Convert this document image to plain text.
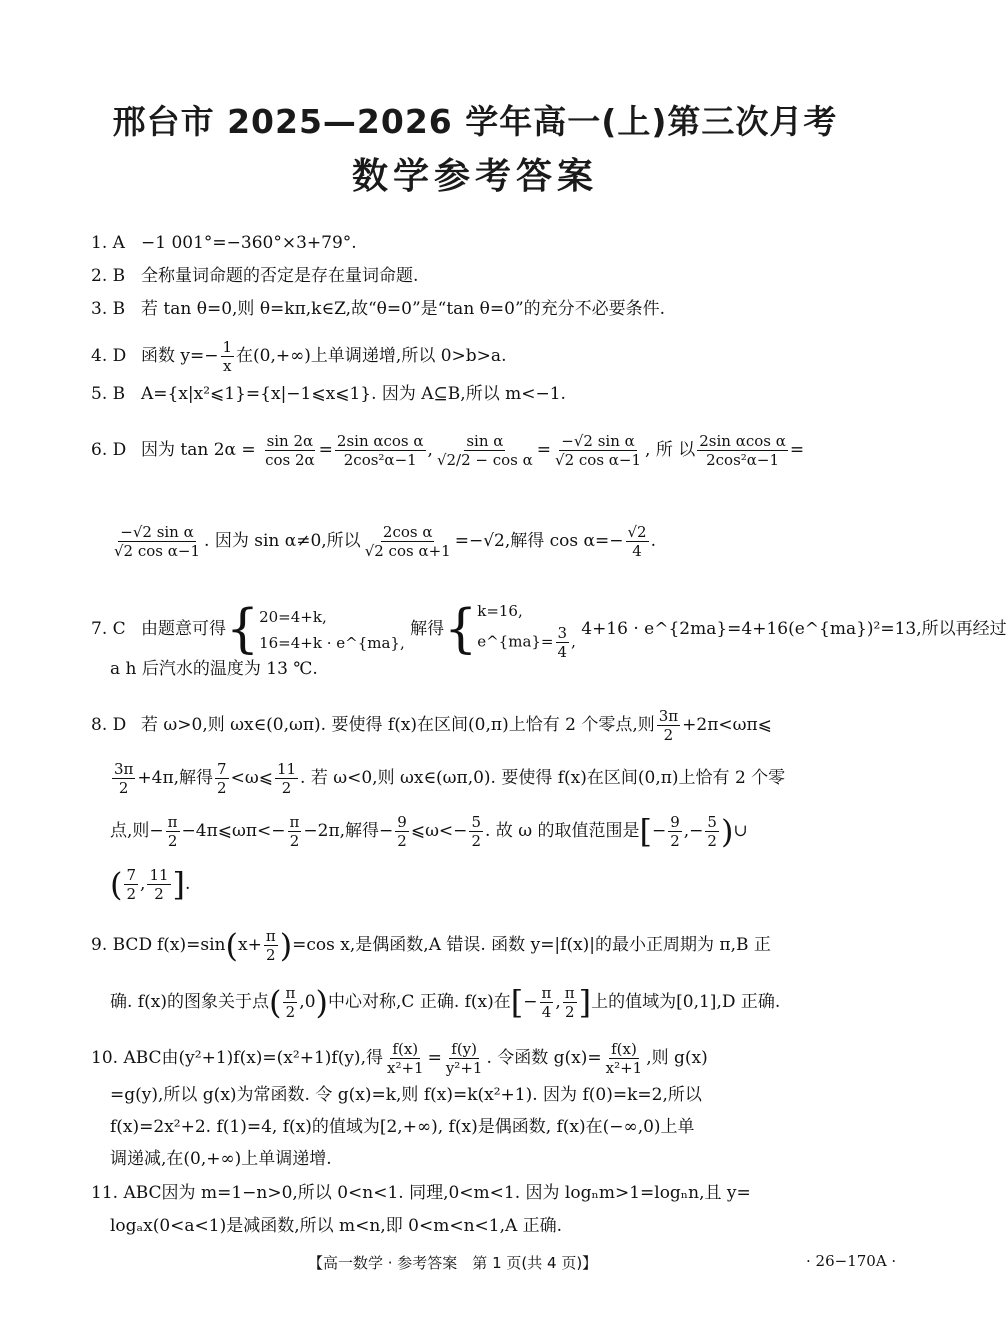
邢台市 2025—2026 学年高一(上)第三次月考
数学参考答案
1. A −1 001°=−360°×3+79°.
2. B 全称量词命题的否定是存在量词命题.
3. B 若 tan θ=0,则 θ=kπ,k∈Z,故“θ=0”是“tan θ=0”的充分不必要条件.
4. D 函数 $y=- \frac{1}{x}$ 在(0,+∞)上单调递增,所以 0>b>a.
5. B A={x|x²⩽1}={x|−1⩽x⩽1}. 因为 A⊆B,所以 m<−1.
6. D 因为 $\tan 2\alpha = \frac{\sin 2\alpha}{\cos 2\alpha} = \frac{\text{2sin αcos α}}{\text{2cos²α−1}}$ , $\frac{\text{sin α}}{\text{√2/2 − cos α}} = \frac{\text{−√2 sin α}}{\text{√2 cos α−1}}$ , 所 以 $\frac{\text{2sin αcos α}}{\text{2cos²α−1}}$ =
$\frac{\text{−√2 sin α}}{\text{√2 cos α−1}}$ . 因为 sin α≠0,所以 $\frac{\text{2cos α}}{\text{√2 cos α+1}} =-√2$,解得 $\cos \alpha=- \frac{√2}{4}$ .
7. C 由题意可得{ 20=4+k,
16=4+k · e^{ma},
解得{ k=16,
e^{ma}= $\frac{3}{4}$ ,
4+16 · e^{2ma}=4+16(e^{ma})²=13,所以再经过
a h 后汽水的温度为 13 ℃.
8. D 若 ω>0,则 ωx∈(0,ωπ). 要使得 f(x)在区间(0,π)上恰有 2 个零点,则 $\frac{3\pi}{2}$ +2π<ωπ⩽
$\frac{3\pi}{2} +4\pi$,解得 $\frac{7}{2}$ <ω⩽ $\frac{11}{2}$ . 若 ω<0,则 ωx∈(ωπ,0). 要使得 f(x)在区间(0,π)上恰有 2 个零
点,则− $\frac{\pi}{2}$ −4π⩽ωπ<− $\frac{\pi}{2} -2\pi$,解得− $\frac{9}{2}$ ⩽ω<− $\frac{5}{2}$ . 故 ω 的取值范围是[− $\frac{9}{2}$ ,− $\frac{5}{2}$ )∪
( $\frac{7}{2}$ , $\frac{11}{2}$ ].
9. BCD $f(x)=\sin(x+ \frac{\pi}{2} )=\cos$ x,是偶函数,A 错误. 函数 y=|f(x)|的最小正周期为 π,B 正
确. f(x)的图象关于点( $\frac{\pi}{2} ,0$)中心对称,C 正确. f(x)在[− $\frac{\pi}{4}$ , $\frac{\pi}{2}$ ]上的值域为[0,1],D 正确.
10. ABC由(y²+1)f(x)=(x²+1)f(y),得 $\frac{f(x)}{\text{x²+1}} = \frac{f(y)}{\text{y²+1}}$ . 令函数 $g(x)= \frac{f(x)}{\text{x²+1}}$ ,则 g(x)
=g(y),所以 g(x)为常函数. 令 g(x)=k,则 f(x)=k(x²+1). 因为 f(0)=k=2,所以
f(x)=2x²+2. f(1)=4, f(x)的值域为[2,+∞), f(x)是偶函数, f(x)在(−∞,0)上单
调递减,在(0,+∞)上单调递增.
11. ABC因为 m=1−n>0,所以 0<n<1. 同理,0<m<1. 因为 logₙm>1=logₙn,且 y=
logₐx(0<a<1)是减函数,所以 m<n,即 0<m<n<1,A 正确.
【高一数学 · 参考答案　第 1 页(共 4 页)】	· 26−170A ·
